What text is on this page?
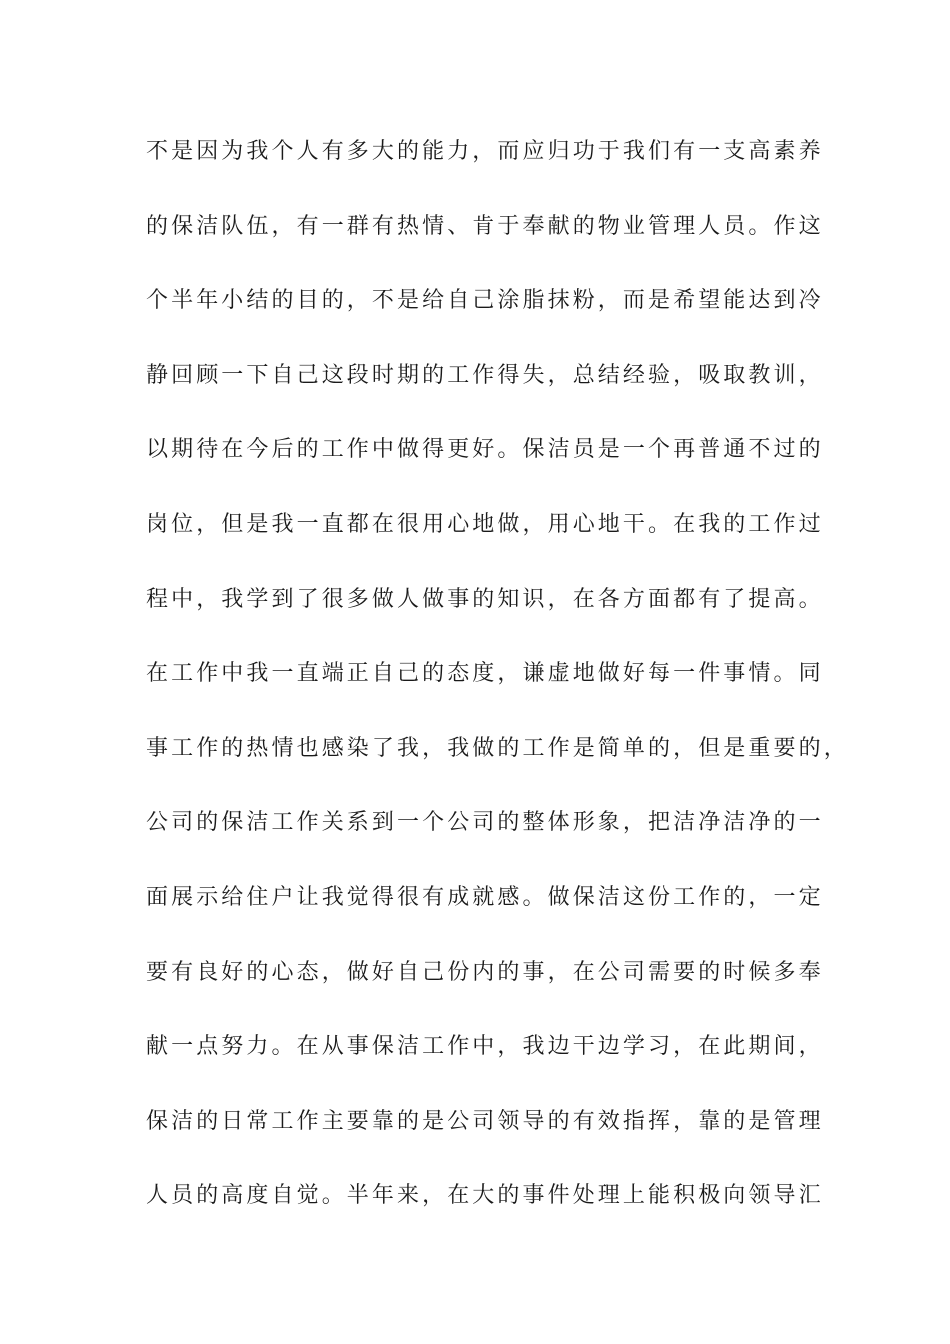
不是因为我个人有多大的能力，而应归功于我们有一支高素养
的保洁队伍，有一群有热情、肯于奉献的物业管理人员。作这
个半年小结的目的，不是给自己涂脂抹粉，而是希望能达到冷
静回顾一下自己这段时期的工作得失，总结经验，吸取教训，
以期待在今后的工作中做得更好。保洁员是一个再普通不过的
岗位，但是我一直都在很用心地做，用心地干。在我的工作过
程中，我学到了很多做人做事的知识，在各方面都有了提高。
在工作中我一直端正自己的态度，谦虚地做好每一件事情。同
事工作的热情也感染了我，我做的工作是简单的，但是重要的，
公司的保洁工作关系到一个公司的整体形象，把洁净洁净的一
面展示给住户让我觉得很有成就感。做保洁这份工作的，一定
要有良好的心态，做好自己份内的事，在公司需要的时候多奉
献一点努力。在从事保洁工作中，我边干边学习，在此期间，
保洁的日常工作主要靠的是公司领导的有效指挥，靠的是管理
人员的高度自觉。半年来，在大的事件处理上能积极向领导汇
